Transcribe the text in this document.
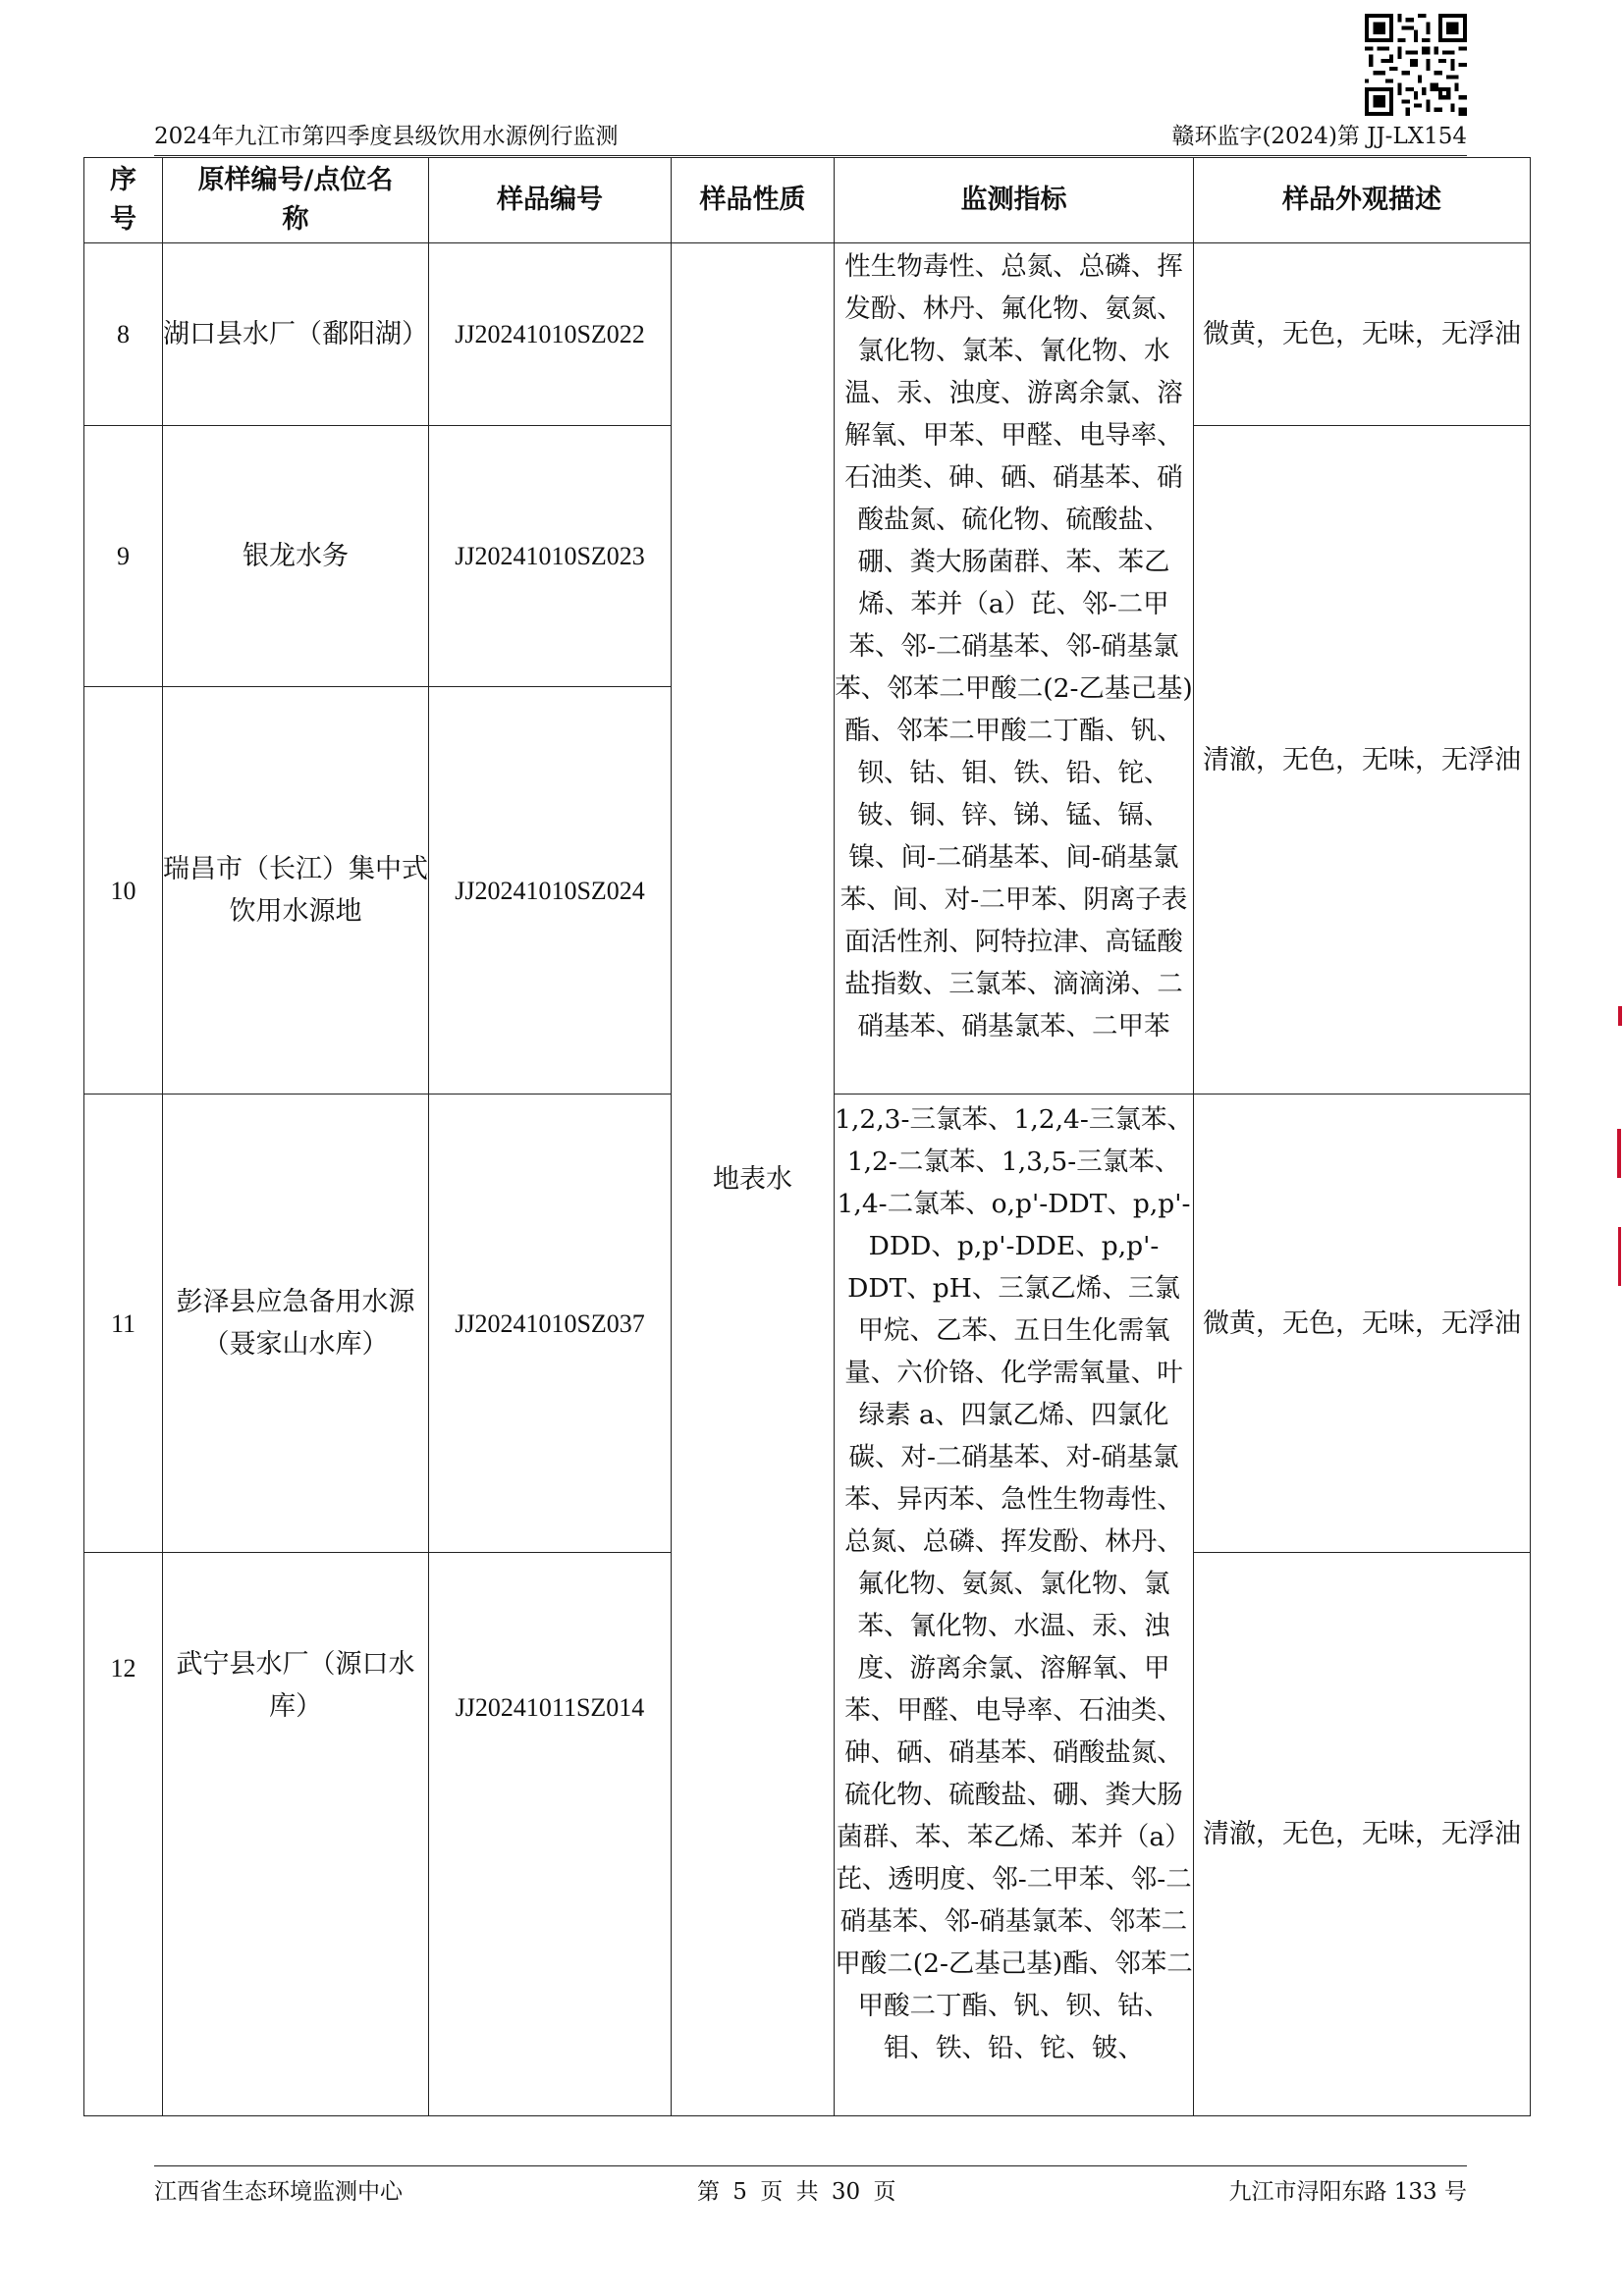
2024年九江市第四季度县级饮用水源例行监测	赣环监字(2024)第 JJ-LX154
序号	原样编号/点位名称	样品编号	样品性质	监测指标	样品外观描述
8	湖口县水厂（鄱阳湖）	JJ20241010SZ022	地表水	性生物毒性、总氮、总磷、挥发酚、林丹、氟化物、氨氮、氯化物、氯苯、氰化物、水温、汞、浊度、游离余氯、溶解氧、甲苯、甲醛、电导率、石油类、砷、硒、硝基苯、硝酸盐氮、硫化物、硫酸盐、硼、粪大肠菌群、苯、苯乙烯、苯并（a）芘、邻-二甲苯、邻-二硝基苯、邻-硝基氯苯、邻苯二甲酸二(2-乙基己基)酯、邻苯二甲酸二丁酯、钒、钡、钴、钼、铁、铅、铊、铍、铜、锌、锑、锰、镉、镍、间-二硝基苯、间-硝基氯苯、间、对-二甲苯、阴离子表面活性剂、阿特拉津、高锰酸盐指数、三氯苯、滴滴涕、二硝基苯、硝基氯苯、二甲苯	微黄，无色，无味，无浮油
9	银龙水务	JJ20241010SZ023			清澈，无色，无味，无浮油
10	瑞昌市（长江）集中式饮用水源地	JJ20241010SZ024			
11	彭泽县应急备用水源（聂家山水库）	JJ20241010SZ037		1,2,3-三氯苯、1,2,4-三氯苯、1,2-二氯苯、1,3,5-三氯苯、1,4-二氯苯、o,p'-DDT、p,p'-DDD、p,p'-DDE、p,p'-DDT、pH、三氯乙烯、三氯甲烷、乙苯、五日生化需氧量、六价铬、化学需氧量、叶绿素 a、四氯乙烯、四氯化碳、对-二硝基苯、对-硝基氯苯、异丙苯、急性生物毒性、总氮、总磷、挥发酚、林丹、氟化物、氨氮、氯化物、氯苯、氰化物、水温、汞、浊度、游离余氯、溶解氧、甲苯、甲醛、电导率、石油类、砷、硒、硝基苯、硝酸盐氮、硫化物、硫酸盐、硼、粪大肠菌群、苯、苯乙烯、苯并（a）芘、透明度、邻-二甲苯、邻-二硝基苯、邻-硝基氯苯、邻苯二甲酸二(2-乙基己基)酯、邻苯二甲酸二丁酯、钒、钡、钴、钼、铁、铅、铊、铍、	微黄，无色，无味，无浮油
12	武宁县水厂（源口水库）	JJ20241011SZ014			清澈，无色，无味，无浮油
江西省生态环境监测中心	第 5 页 共 30 页	九江市浔阳东路 133 号
